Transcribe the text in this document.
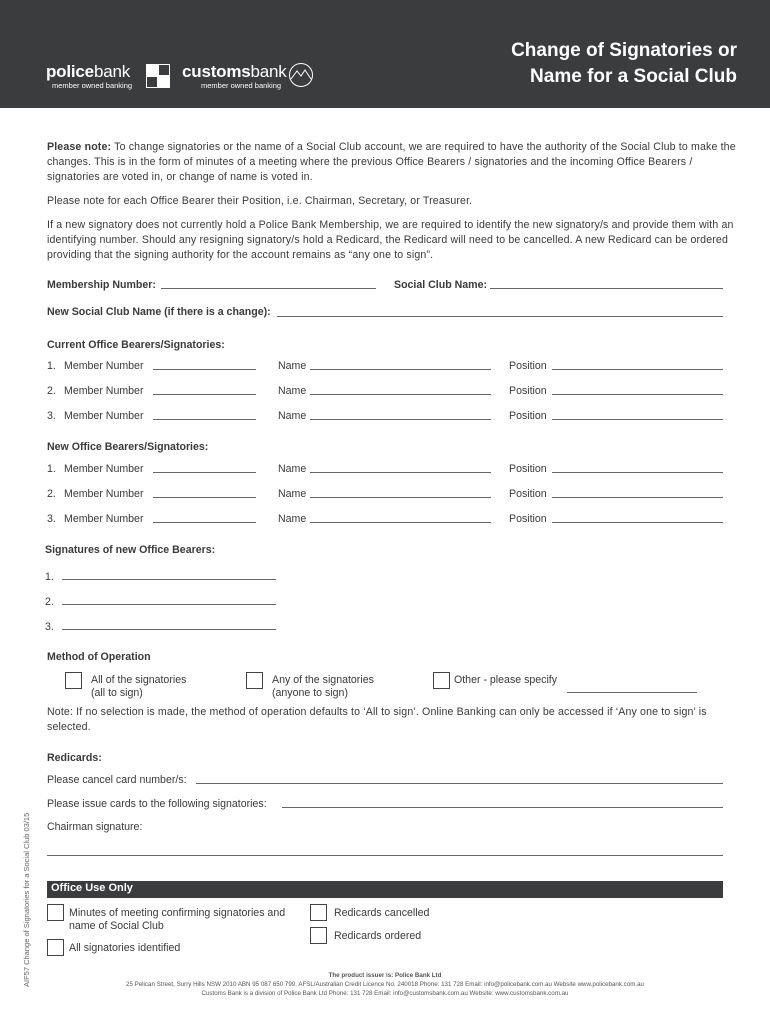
policebank
member owned banking
customsbank
member owned banking
Change of Signatories or
Name for a Social Club
Please note: To change signatories or the name of a Social Club account, we are required to have the authority of the Social Club to make the changes. This is in the form of minutes of a meeting where the previous Office Bearers / signatories and the incoming Office Bearers / signatories are voted in, or change of name is voted in.
Please note for each Office Bearer their Position, i.e. Chairman, Secretary, or Treasurer.
If a new signatory does not currently hold a Police Bank Membership, we are required to identify the new signatory/s and provide them with an identifying number. Should any resigning signatory/s hold a Redicard, the Redicard will need to be cancelled. A new Redicard can be ordered providing that the signing authority for the account remains as “any one to sign”.
Membership Number:	Social Club Name:
New Social Club Name (if there is a change):
Current Office Bearers/Signatories:
1. Member Number	Name	Position
2. Member Number	Name	Position
3. Member Number	Name	Position
New Office Bearers/Signatories:
1. Member Number	Name	Position
2. Member Number	Name	Position
3. Member Number	Name	Position
Signatures of new Office Bearers:
1.
2.
3.
Method of Operation
All of the signatories
(all to sign)
Any of the signatories
(anyone to sign)
Other - please specify
Note: If no selection is made, the method of operation defaults to ‘All to sign’. Online Banking can only be accessed if ‘Any one to sign’ is selected.
Redicards:
Please cancel card number/s:
Please issue cards to the following signatories:
Chairman signature:
Office Use Only
Minutes of meeting confirming signatories and
name of Social Club
All signatories identified
Redicards cancelled
Redicards ordered
AIF57 Change of Signatories for a Social Club 03/15	The product issuer is: Police Bank Ltd
25 Pelican Street, Surry Hills NSW 2010 ABN 95 087 650 799. AFSL/Australian Credit Licence No. 240018 Phone: 131 728 Email: info@policebank.com.au Website www.policebank.com.au
Customs Bank is a division of Police Bank Ltd Phone: 131 728 Email: info@customsbank.com.au Website: www.customsbank.com.au
